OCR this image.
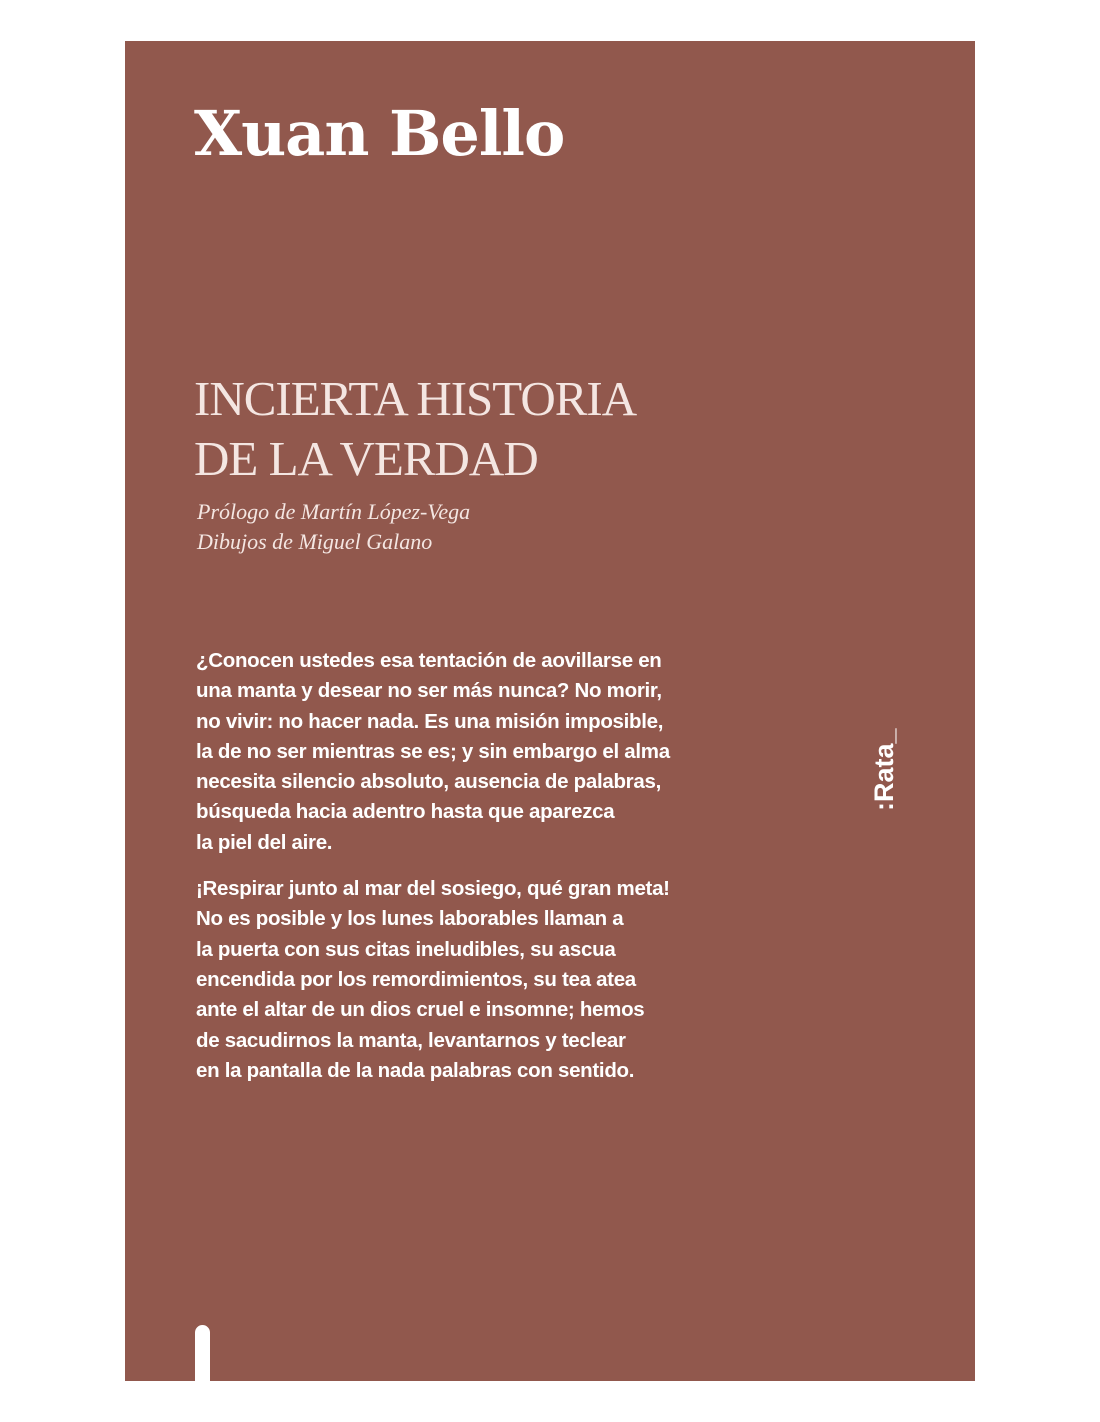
Xuan Bello
INCIERTA HISTORIA
DE LA VERDAD
Prólogo de Martín López-Vega
Dibujos de Miguel Galano

¿Conocen ustedes esa tentación de aovillarse en
una manta y desear no ser más nunca? No morir,
no vivir: no hacer nada. Es una misión imposible,
la de no ser mientras se es; y sin embargo el alma
necesita silencio absoluto, ausencia de palabras,
búsqueda hacia adentro hasta que aparezca
la piel del aire.

¡Respirar junto al mar del sosiego, qué gran meta!
No es posible y los lunes laborables llaman a
la puerta con sus citas ineludibles, su ascua
encendida por los remordimientos, su tea atea
ante el altar de un dios cruel e insomne; hemos
de sacudirnos la manta, levantarnos y teclear
en la pantalla de la nada palabras con sentido.

:Rata_
